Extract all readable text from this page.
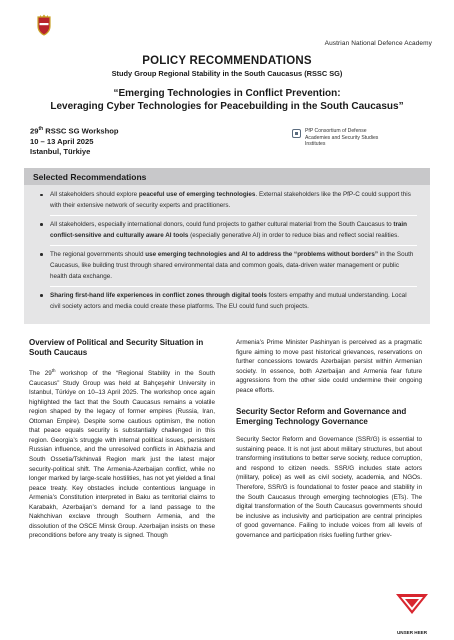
Austrian National Defence Academy
POLICY RECOMMENDATIONS
Study Group Regional Stability in the South Caucasus (RSSC SG)
“Emerging Technologies in Conflict Prevention:
Leveraging Cyber Technologies for Peacebuilding in the South Caucasus”
29th RSSC SG Workshop
10 – 13 April 2025
Istanbul, Türkiye
PfP Consortium of Defense Academies and Security Studies Institutes
Selected Recommendations
All stakeholders should explore peaceful use of emerging technologies. External stakeholders like the PfP-C could support this with their extensive network of security experts and practitioners.
All stakeholders, especially international donors, could fund projects to gather cultural material from the South Caucasus to train conflict-sensitive and culturally aware AI tools (especially generative AI) in order to reduce bias and reflect social realities.
The regional governments should use emerging technologies and AI to address the “problems without borders” in the South Caucasus, like building trust through shared environmental data and common goals, data-driven water management or public health data exchange.
Sharing first-hand life experiences in conflict zones through digital tools fosters empathy and mutual understanding. Local civil society actors and media could create these platforms. The EU could fund such projects.
Overview of Political and Security Situation in South Caucaus

The 29th workshop of the “Regional Stability in the South Caucasus” Study Group was held at Bahçeşehir University in Istanbul, Türkiye on 10–13 April 2025. The workshop once again highlighted the fact that the South Caucasus remains a volatile region shaped by the legacy of former empires (Russia, Iran, Ottoman Empire). Despite some cautious optimism, the notion that peace equals security is substantially challenged in this region. Georgia’s struggle with internal political issues, persistent Russian influence, and the unresolved conflicts in Abkhazia and South Ossetia/Tskhinvali Region mark just the latest major security-political shift. The Armenia-Azerbaijan conflict, while no longer marked by large-scale hostilities, has not yet yielded a final peace treaty. Key obstacles include contentious language in Armenia’s Constitution interpreted in Baku as territorial claims to Karabakh, Azerbaijan’s demand for a land passage to the Nakhchivan exclave through Southern Armenia, and the dissolution of the OSCE Minsk Group. Azerbaijan insists on these preconditions before any treaty is signed. Though

Armenia’s Prime Minister Pashinyan is perceived as a pragmatic figure aiming to move past historical grievances, reservations on further concessions towards Azerbaijan persist within Armenian society. In essence, both Azerbaijan and Armenia fear future aggressions from the other side could undermine their ongoing peace efforts.

Security Sector Reform and Governance and Emerging Technology Governance

Security Sector Reform and Governance (SSR/G) is essential to sustaining peace. It is not just about military structures, but about transforming institutions to better serve society, reduce corruption, and respond to citizen needs. SSR/G includes state actors (military, police) as well as civil society, academia, and NGOs. Therefore, SSR/G is foundational to foster peace and stability in the South Caucasus through emerging technologies (ETs). The digital transformation of the South Caucasus governments should be inclusive as inclusivity and participation are central principles of good governance. Failing to include voices from all levels of governance and participation risks fuelling further griev-

UNSER HEER
